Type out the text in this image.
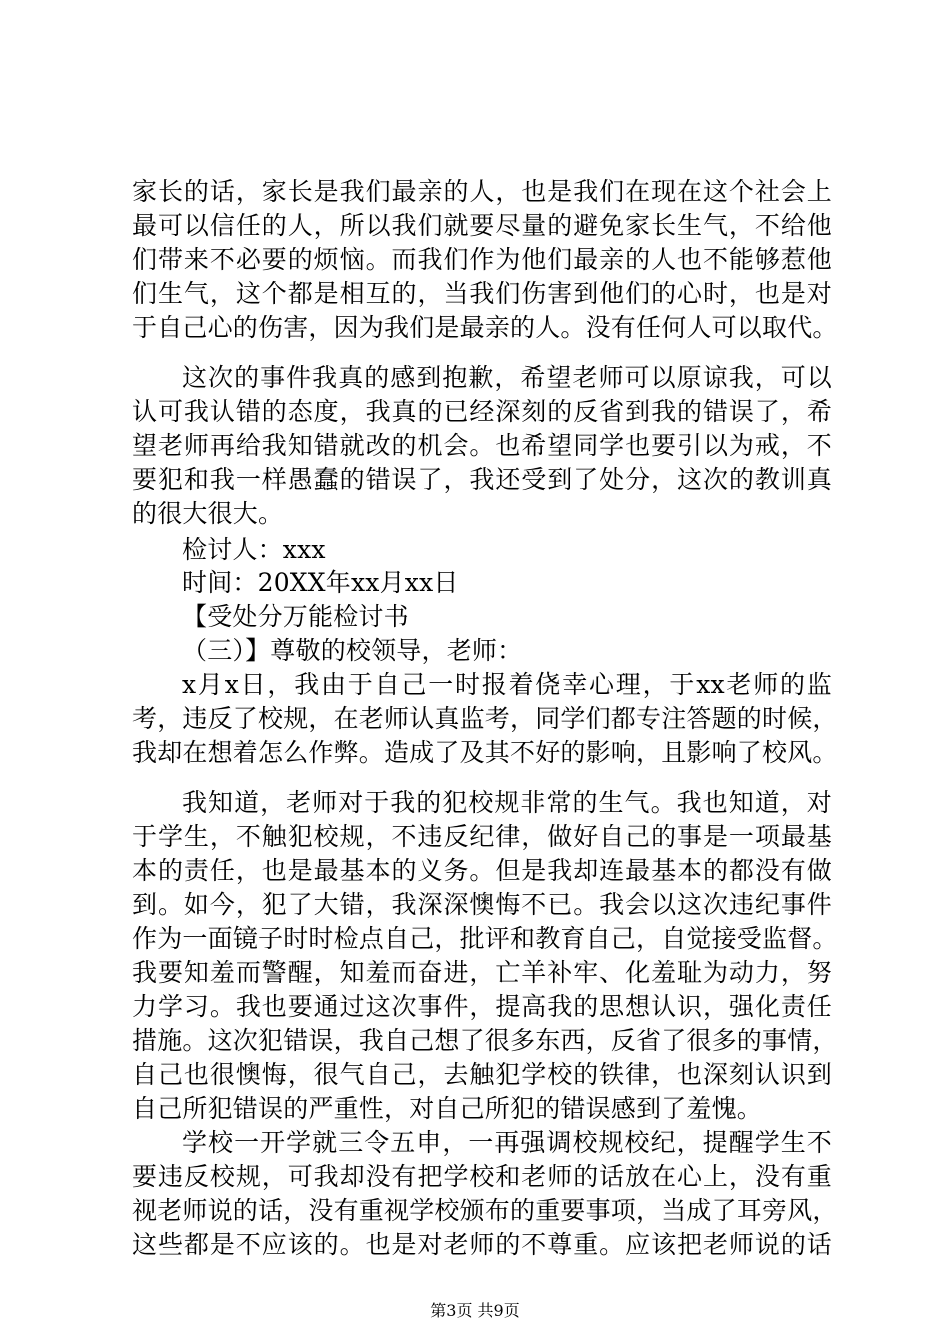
家长的话，家长是我们最亲的人，也是我们在现在这个社会上
最可以信任的人，所以我们就要尽量的避免家长生气，不给他
们带来不必要的烦恼。而我们作为他们最亲的人也不能够惹他
们生气，这个都是相互的，当我们伤害到他们的心时，也是对
于自己心的伤害，因为我们是最亲的人。没有任何人可以取代。
这次的事件我真的感到抱歉，希望老师可以原谅我，可以
认可我认错的态度，我真的已经深刻的反省到我的错误了，希
望老师再给我知错就改的机会。也希望同学也要引以为戒，不
要犯和我一样愚蠢的错误了，我还受到了处分，这次的教训真
的很大很大。
检讨人：xxx
时间：20XX年xx月xx日
【受处分万能检讨书
（三）】尊敬的校领导，老师：
x月x日，我由于自己一时报着侥幸心理，于xx老师的监
考，违反了校规，在老师认真监考，同学们都专注答题的时候，
我却在想着怎么作弊。造成了及其不好的影响，且影响了校风。
我知道，老师对于我的犯校规非常的生气。我也知道，对
于学生，不触犯校规，不违反纪律，做好自己的事是一项最基
本的责任，也是最基本的义务。但是我却连最基本的都没有做
到。如今，犯了大错，我深深懊悔不已。我会以这次违纪事件
作为一面镜子时时检点自己，批评和教育自己，自觉接受监督。
我要知羞而警醒，知羞而奋进，亡羊补牢、化羞耻为动力，努
力学习。我也要通过这次事件，提高我的思想认识，强化责任
措施。这次犯错误，我自己想了很多东西，反省了很多的事情，
自己也很懊悔，很气自己，去触犯学校的铁律，也深刻认识到
自己所犯错误的严重性，对自己所犯的错误感到了羞愧。
学校一开学就三令五申，一再强调校规校纪，提醒学生不
要违反校规，可我却没有把学校和老师的话放在心上，没有重
视老师说的话，没有重视学校颁布的重要事项，当成了耳旁风，
这些都是不应该的。也是对老师的不尊重。应该把老师说的话
第3页 共9页
